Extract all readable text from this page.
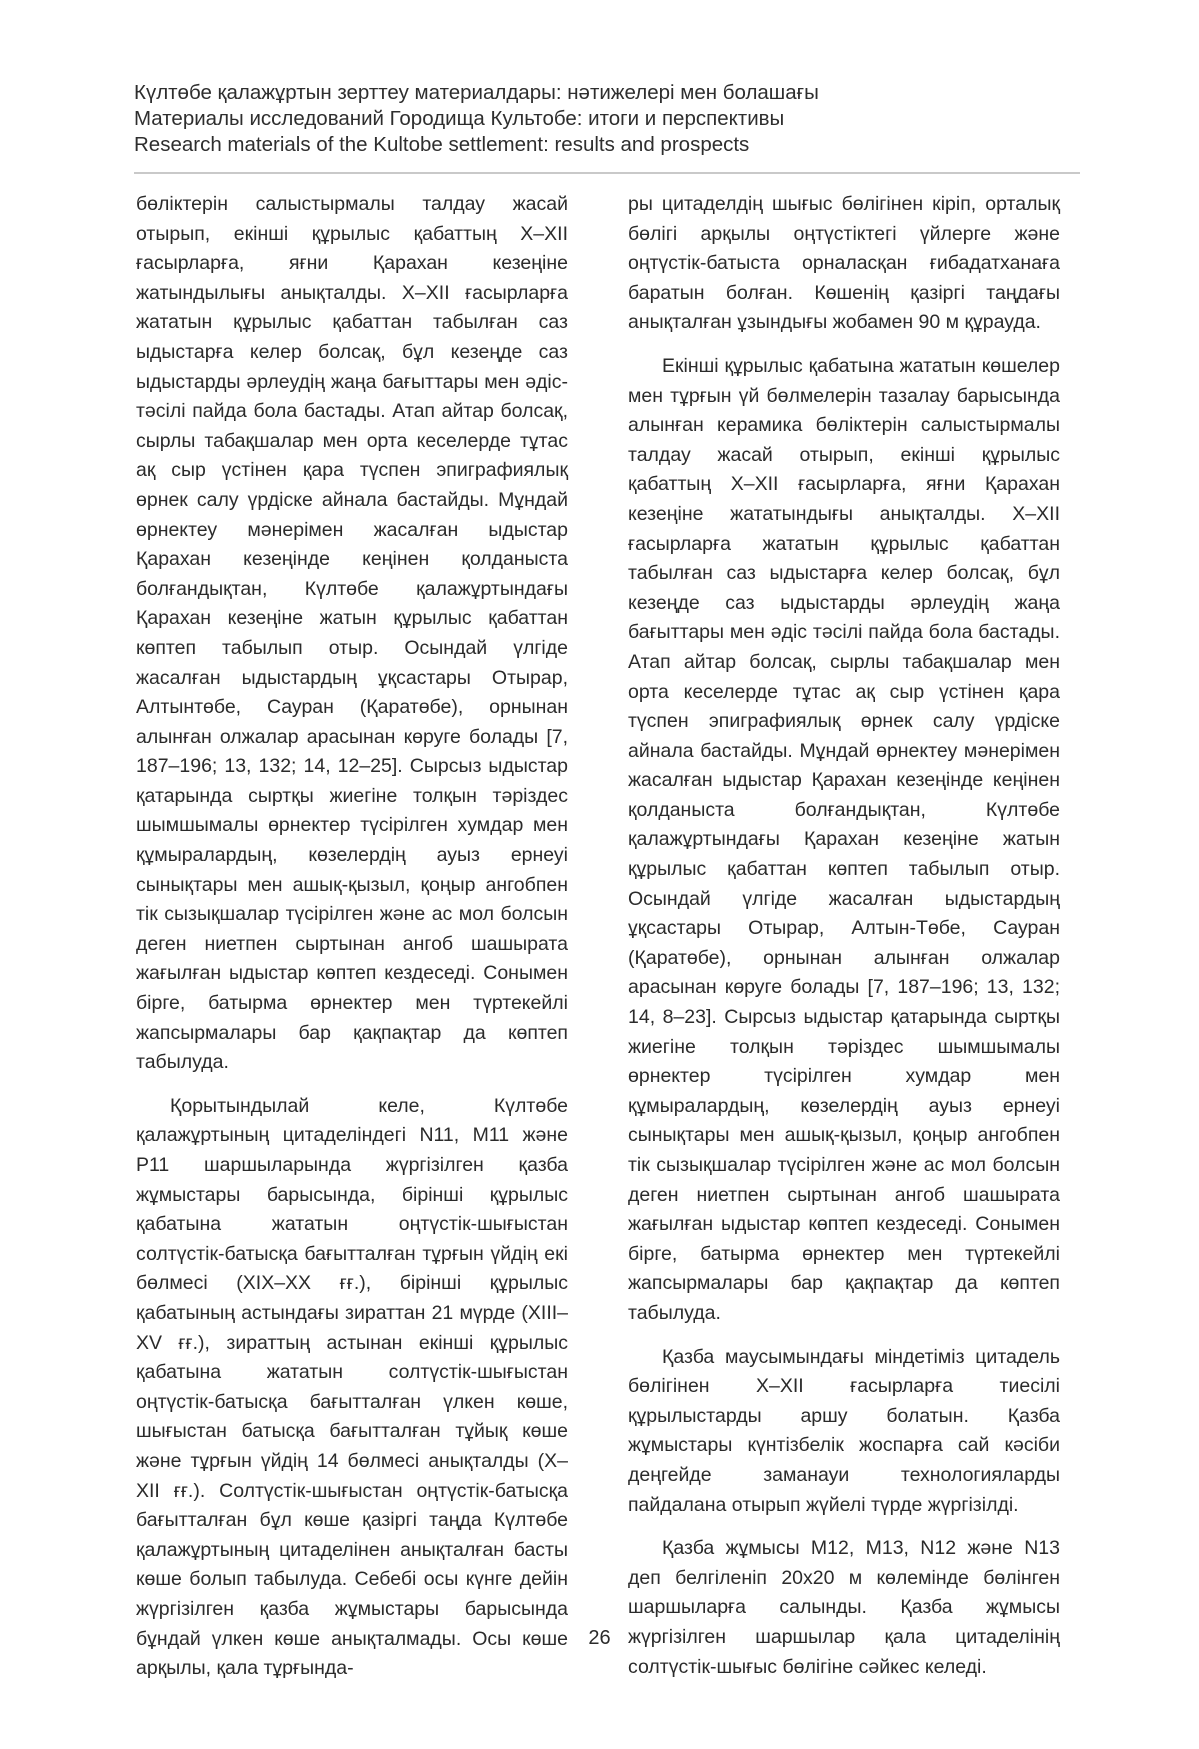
Күлтөбе қалажұртын зерттеу материалдары: нәтижелері мен болашағы
Материалы исследований Городища Культобе: итоги и перспективы
Research materials of the Kultobe settlement: results and prospects

бөліктерін салыстырмалы талдау жасай отырып, екінші құрылыс қабаттың Х–ХІІ ғасырларға, яғни Қарахан кезеңіне жатындылығы анықталды. Х–ХІІ ғасырларға жататын құрылыс қабаттан табылған саз ыдыстарға келер болсақ, бұл кезеңде саз ыдыстарды әрлеудің жаңа бағыттары мен әдіс-тәсілі пайда бола бастады. Атап айтар болсақ, сырлы табақшалар мен орта кеселерде тұтас ақ сыр үстінен қара түспен эпиграфиялық өрнек салу үрдіске айнала бастайды. Мұндай өрнектеу мәнерімен жасалған ыдыстар Қарахан кезеңінде кеңінен қолданыста болғандықтан, Күлтөбе қалажұртындағы Қарахан кезеңіне жатын құрылыс қабаттан көптеп табылып отыр. Осындай үлгіде жасалған ыдыстардың ұқсастары Отырар, Алтынтөбе, Сауран (Қаратөбе), орнынан алынған олжалар арасынан көруге болады [7, 187–196; 13, 132; 14, 12–25]. Сырсыз ыдыстар қатарында сыртқы жиегіне толқын тәріздес шымшымалы өрнектер түсірілген хумдар мен құмыралардың, көзелердің ауыз ернеуі сынықтары мен ашық-қызыл, қоңыр ангобпен тік сызықшалар түсірілген және ас мол болсын деген ниетпен сыртынан ангоб шашырата жағылған ыдыстар көптеп кездеседі. Сонымен бірге, батырма өрнектер мен түртекейлі жапсырмалары бар қақпақтар да көптеп табылуда.

Қорытындылай келе, Күлтөбе қалажұртының цитаделіндегі N11, M11 және P11 шаршыларында жүргізілген қазба жұмыстары барысында, бірінші құрылыс қабатына жататын оңтүстік-шығыстан солтүстік-батысқа бағытталған тұрғын үйдің екі бөлмесі (ХІХ–ХХ ғғ.), бірінші құрылыс қабатының астындағы зираттан 21 мүрде (ХІІІ–ХV ғғ.), зираттың астынан екінші құрылыс қабатына жататын солтүстік-шығыстан оңтүстік-батысқа бағытталған үлкен көше, шығыстан батысқа бағытталған тұйық көше және тұрғын үйдің 14 бөлмесі анықталды (Х–ХІІ ғғ.). Солтүстік-шығыстан оңтүстік-батысқа бағытталған бұл көше қазіргі таңда Күлтөбе қалажұртының цитаделінен анықталған басты көше болып табылуда. Себебі осы күнге дейін жүргізілген қазба жұмыстары барысында бұндай үлкен көше анықталмады. Осы көше арқылы, қала тұрғында-

ры цитаделдің шығыс бөлігінен кіріп, орталық бөлігі арқылы оңтүстіктегі үйлерге және оңтүстік-батыста орналасқан ғибадатханаға баратын болған. Көшенің қазіргі таңдағы анықталған ұзындығы жобамен 90 м құрауда.

Екінші құрылыс қабатына жататын көшелер мен тұрғын үй бөлмелерін тазалау барысында алынған керамика бөліктерін салыстырмалы талдау жасай отырып, екінші құрылыс қабаттың Х–ХІІ ғасырларға, яғни Қарахан кезеңіне жататындығы анықталды. Х–ХІІ ғасырларға жататын құрылыс қабаттан табылған саз ыдыстарға келер болсақ, бұл кезеңде саз ыдыстарды әрлеудің жаңа бағыттары мен әдіс тәсілі пайда бола бастады. Атап айтар болсақ, сырлы табақшалар мен орта кеселерде тұтас ақ сыр үстінен қара түспен эпиграфиялық өрнек салу үрдіске айнала бастайды. Мұндай өрнектеу мәнерімен жасалған ыдыстар Қарахан кезеңінде кеңінен қолданыста болғандықтан, Күлтөбе қалажұртындағы Қарахан кезеңіне жатын құрылыс қабаттан көптеп табылып отыр. Осындай үлгіде жасалған ыдыстардың ұқсастары Отырар, Алтын-Төбе, Сауран (Қаратөбе), орнынан алынған олжалар арасынан көруге болады [7, 187–196; 13, 132; 14, 8–23]. Сырсыз ыдыстар қатарында сыртқы жиегіне толқын тәріздес шымшымалы өрнектер түсірілген хумдар мен құмыралардың, көзелердің ауыз ернеуі сынықтары мен ашық-қызыл, қоңыр ангобпен тік сызықшалар түсірілген және ас мол болсын деген ниетпен сыртынан ангоб шашырата жағылған ыдыстар көптеп кездеседі. Сонымен бірге, батырма өрнектер мен түртекейлі жапсырмалары бар қақпақтар да көптеп табылуда.

Қазба маусымындағы міндетіміз цитадель бөлігінен Х–ХІІ ғасырларға тиесілі құрылыстарды аршу болатын. Қазба жұмыстары күнтізбелік жоспарға сай кәсіби деңгейде заманауи технологияларды пайдалана отырып жүйелі түрде жүргізілді.

Қазба жұмысы M12, M13, N12 және N13 деп белгіленіп 20x20 м көлемінде бөлінген шаршыларға салынды. Қазба жұмысы жүргізілген шаршылар қала цитаделінің солтүстік-шығыс бөлігіне сәйкес келеді.

26
